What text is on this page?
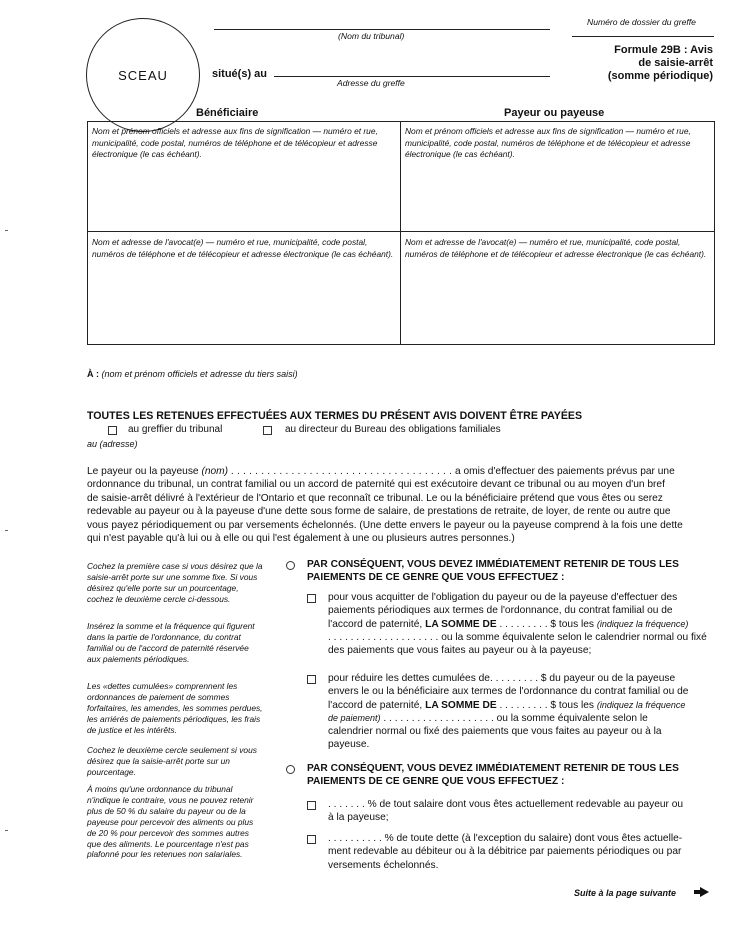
SCEAU
(Nom du tribunal)
situé(s) au
Adresse du greffe
Numéro de dossier du greffe
Formule 29B : Avis
de saisie-arrêt
(somme périodique)
Bénéficiaire	Payeur ou payeuse
Nom et prénom officiels et adresse aux fins de signification — numéro et rue, municipalité, code postal, numéros de téléphone et de télécopieur et adresse électronique (le cas échéant).
Nom et prénom officiels et adresse aux fins de signification — numéro et rue, municipalité, code postal, numéros de téléphone et de télécopieur et adresse électronique (le cas échéant).
Nom et adresse de l'avocat(e) — numéro et rue, municipalité, code postal, numéros de téléphone et de télécopieur et adresse électronique (le cas échéant).
Nom et adresse de l'avocat(e) — numéro et rue, municipalité, code postal, numéros de téléphone et de télécopieur et adresse électronique (le cas échéant).
À : (nom et prénom officiels et adresse du tiers saisi)
TOUTES LES RETENUES EFFECTUÉES AUX TERMES DU PRÉSENT AVIS DOIVENT ÊTRE PAYÉES
au greffier du tribunal	au directeur du Bureau des obligations familiales
au (adresse)
Le payeur ou la payeuse (nom) . . . . . . . . . . . . . . . . . . . . . . . . . . . . . . . . . . . . . a omis d'effectuer des paiements prévus par une
ordonnance du tribunal, un contrat familial ou un accord de paternité qui est exécutoire devant ce tribunal ou au moyen d'un bref
de saisie-arrêt délivré à l'extérieur de l'Ontario et que reconnaît ce tribunal. Le ou la bénéficiaire prétend que vous êtes ou serez
redevable au payeur ou à la payeuse d'une dette sous forme de salaire, de prestations de retraite, de loyer, de rente ou autre que
vous payez périodiquement ou par versements échelonnés. (Une dette envers le payeur ou la payeuse comprend à la fois une dette
qui n'est payable qu'à lui ou à elle ou qui l'est également à une ou plusieurs autres personnes.)
Cochez la première case si vous désirez que la saisie-arrêt porte sur une somme fixe. Si vous désirez qu'elle porte sur un pourcentage, cochez le deuxième cercle ci-dessous.
Insérez la somme et la fréquence qui figurent dans la partie de l'ordonnance, du contrat familial ou de l'accord de paternité réservée aux paiements périodiques.
Les «dettes cumulées» comprennent les ordonnances de paiement de sommes forfaitaires, les amendes, les sommes perdues, les arriérés de paiements périodiques, les frais de justice et les intérêts.
Cochez le deuxième cercle seulement si vous désirez que la saisie-arrêt porte sur un pourcentage.
À moins qu'une ordonnance du tribunal n'indique le contraire, vous ne pouvez retenir plus de 50 % du salaire du payeur ou de la payeuse pour percevoir des aliments ou plus de 20 % pour percevoir des sommes autres que des aliments. Le pourcentage n'est pas plafonné pour les retenues non salariales.
PAR CONSÉQUENT, VOUS DEVEZ IMMÉDIATEMENT RETENIR DE TOUS LES
PAIEMENTS DE CE GENRE QUE VOUS EFFECTUEZ :
pour vous acquitter de l'obligation du payeur ou de la payeuse d'effectuer des
paiements périodiques aux termes de l'ordonnance, du contrat familial ou de
l'accord de paternité, LA SOMME DE . . . . . . . . . $ tous les (indiquez la fréquence)
. . . . . . . . . . . . . . . . . . . . ou la somme équivalente selon le calendrier normal ou fixé
des paiements que vous faites au payeur ou à la payeuse;
pour réduire les dettes cumulées de. . . . . . . . . $ du payeur ou de la payeuse
envers le ou la bénéficiaire aux termes de l'ordonnance du contrat familial ou de
l'accord de paternité, LA SOMME DE . . . . . . . . . $ tous les (indiquez la fréquence
de paiement) . . . . . . . . . . . . . . . . . . . . ou la somme équivalente selon le
calendrier normal ou fixé des paiements que vous faites au payeur ou à la
payeuse.
PAR CONSÉQUENT, VOUS DEVEZ IMMÉDIATEMENT RETENIR DE TOUS LES
PAIEMENTS DE CE GENRE QUE VOUS EFFECTUEZ :
. . . . . . . % de tout salaire dont vous êtes actuellement redevable au payeur ou
à la payeuse;
. . . . . . . . . . % de toute dette (à l'exception du salaire) dont vous êtes actuelle-
ment redevable au débiteur ou à la débitrice par paiements périodiques ou par
versements échelonnés.
Suite à la page suivante
